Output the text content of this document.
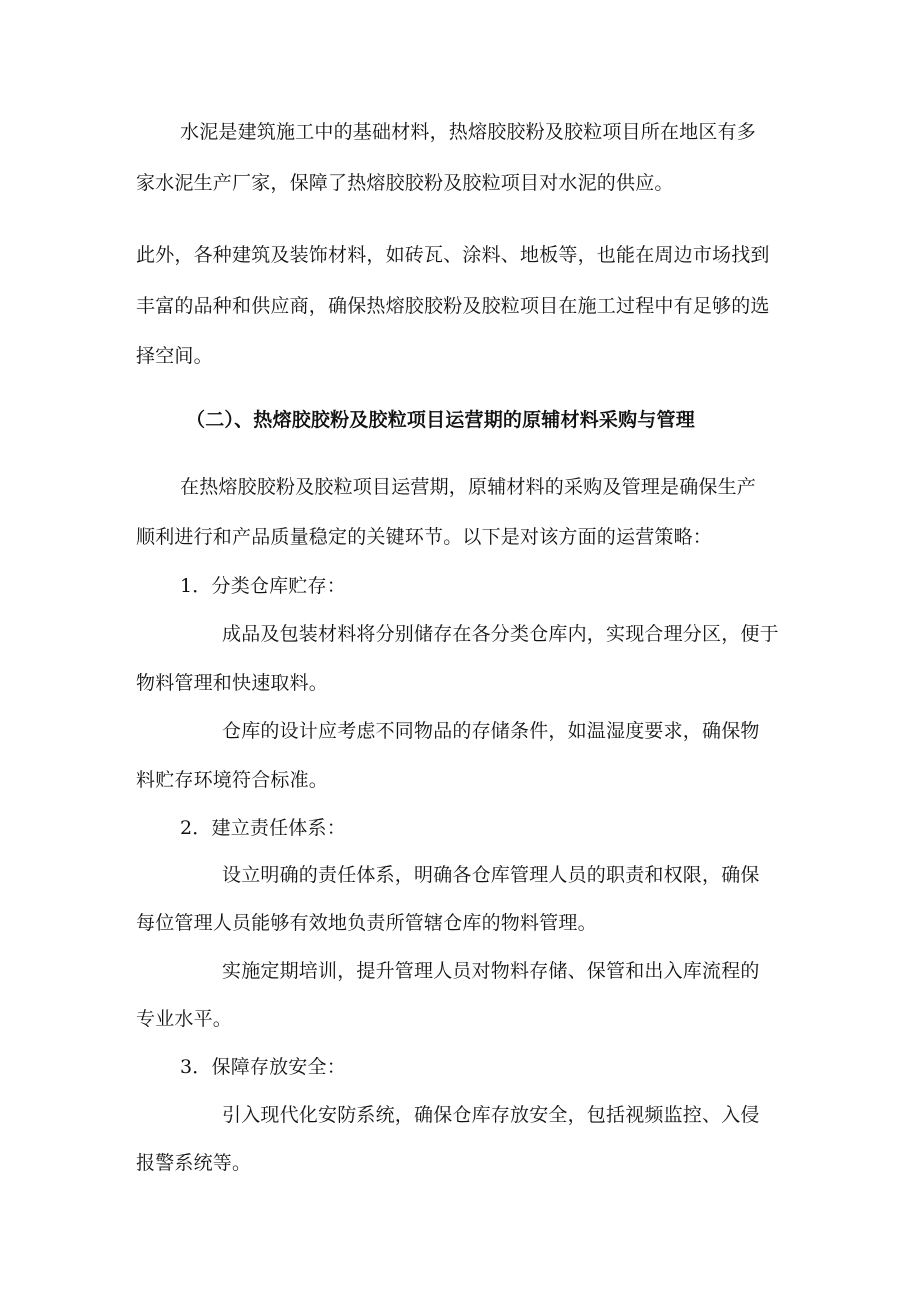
水泥是建筑施工中的基础材料，热熔胶胶粉及胶粒项目所在地区有多

家水泥生产厂家，保障了热熔胶胶粉及胶粒项目对水泥的供应。

此外，各种建筑及装饰材料，如砖瓦、涂料、地板等，也能在周边市场找到

丰富的品种和供应商，确保热熔胶胶粉及胶粒项目在施工过程中有足够的选

择空间。

（二）、热熔胶胶粉及胶粒项目运营期的原辅材料采购与管理

在热熔胶胶粉及胶粒项目运营期，原辅材料的采购及管理是确保生产

顺利进行和产品质量稳定的关键环节。以下是对该方面的运营策略：

1．分类仓库贮存：

成品及包装材料将分别储存在各分类仓库内，实现合理分区，便于

物料管理和快速取料。

仓库的设计应考虑不同物品的存储条件，如温湿度要求，确保物

料贮存环境符合标准。

2．建立责任体系：

设立明确的责任体系，明确各仓库管理人员的职责和权限，确保

每位管理人员能够有效地负责所管辖仓库的物料管理。

实施定期培训，提升管理人员对物料存储、保管和出入库流程的

专业水平。

3．保障存放安全：

引入现代化安防系统，确保仓库存放安全，包括视频监控、入侵

报警系统等。
